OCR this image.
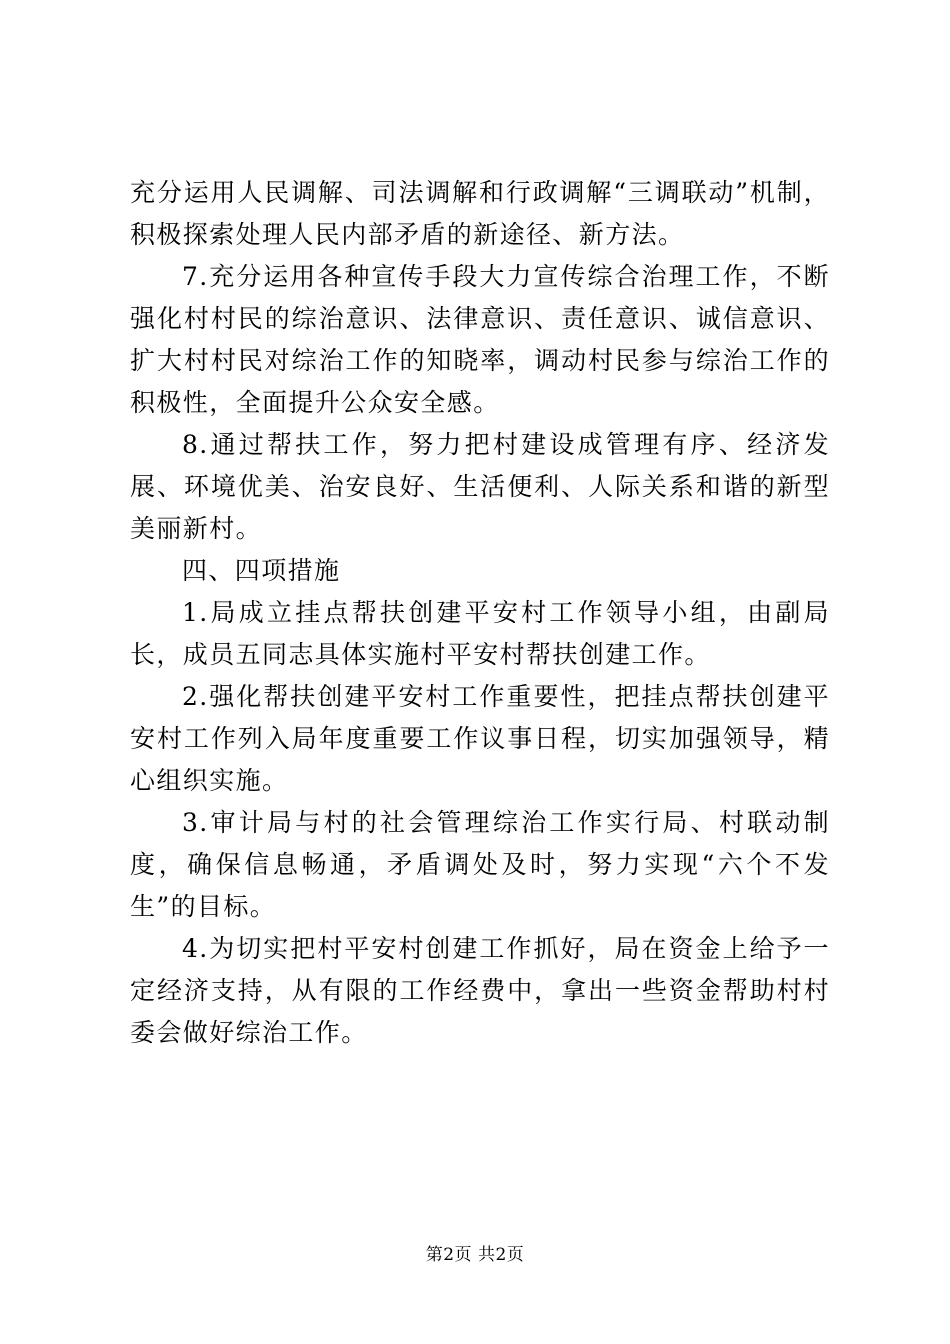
充分运用人民调解、司法调解和行政调解“三调联动”机制，积极探索处理人民内部矛盾的新途径、新方法。

7.充分运用各种宣传手段大力宣传综合治理工作，不断强化村村民的综治意识、法律意识、责任意识、诚信意识、扩大村村民对综治工作的知晓率，调动村民参与综治工作的积极性，全面提升公众安全感。

8.通过帮扶工作，努力把村建设成管理有序、经济发展、环境优美、治安良好、生活便利、人际关系和谐的新型美丽新村。

四、四项措施

1.局成立挂点帮扶创建平安村工作领导小组，由副局长，成员五同志具体实施村平安村帮扶创建工作。

2.强化帮扶创建平安村工作重要性，把挂点帮扶创建平安村工作列入局年度重要工作议事日程，切实加强领导，精心组织实施。

3.审计局与村的社会管理综治工作实行局、村联动制度，确保信息畅通，矛盾调处及时，努力实现“六个不发生”的目标。

4.为切实把村平安村创建工作抓好，局在资金上给予一定经济支持，从有限的工作经费中，拿出一些资金帮助村村委会做好综治工作。

第2页 共2页
